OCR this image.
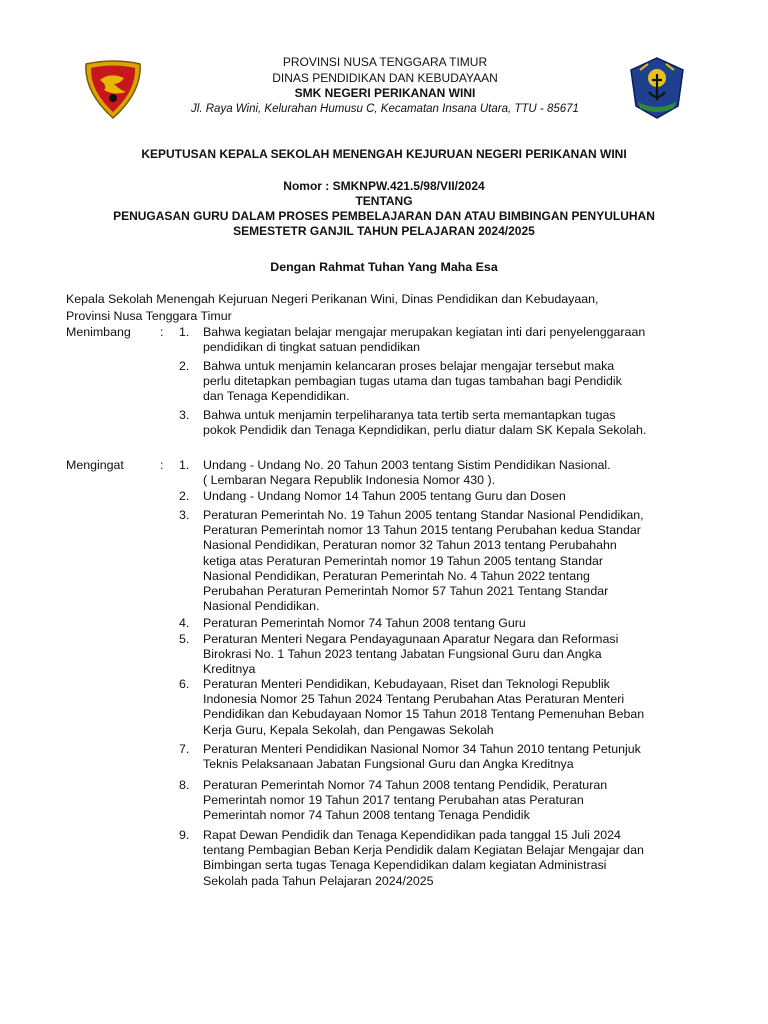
PROVINSI NUSA TENGGARA TIMUR
DINAS PENDIDIKAN DAN KEBUDAYAAN
SMK NEGERI PERIKANAN WINI
Jl. Raya Wini, Kelurahan Humusu C, Kecamatan Insana Utara, TTU - 85671
KEPUTUSAN KEPALA SEKOLAH MENENGAH KEJURUAN NEGERI PERIKANAN WINI
Nomor : SMKNPW.421.5/98/VII/2024
TENTANG
PENUGASAN GURU DALAM PROSES PEMBELAJARAN DAN ATAU BIMBINGAN PENYULUHAN
SEMESTETR GANJIL TAHUN PELAJARAN 2024/2025
Dengan Rahmat Tuhan Yang Maha Esa
Kepala Sekolah Menengah Kejuruan Negeri Perikanan Wini, Dinas Pendidikan dan Kebudayaan,
Provinsi Nusa Tenggara Timur
Menimbang : 1. Bahwa kegiatan belajar mengajar merupakan kegiatan inti dari penyelenggaraan
pendidikan di tingkat satuan pendidikan
2. Bahwa untuk menjamin kelancaran proses belajar mengajar tersebut maka
perlu ditetapkan pembagian tugas utama dan tugas tambahan bagi Pendidik
dan Tenaga Kependidikan.
3. Bahwa untuk menjamin terpeliharanya tata tertib serta memantapkan tugas
pokok Pendidik dan Tenaga Kepndidikan, perlu diatur dalam SK Kepala Sekolah.
Mengingat	: 1. Undang - Undang No. 20 Tahun 2003 tentang Sistim Pendidikan Nasional.
( Lembaran Negara Republik Indonesia Nomor 430 ).
2. Undang - Undang Nomor 14 Tahun 2005 tentang Guru dan Dosen
3. Peraturan Pemerintah No. 19 Tahun 2005 tentang Standar Nasional Pendidikan,
Peraturan Pemerintah nomor 13 Tahun 2015 tentang Perubahan kedua Standar
Nasional Pendidikan, Peraturan nomor 32 Tahun 2013 tentang Perubahahn
ketiga atas Peraturan Pemerintah nomor 19 Tahun 2005 tentang Standar
Nasional Pendidikan, Peraturan Pemerintah No. 4 Tahun 2022 tentang
Perubahan Peraturan Pemerintah Nomor 57 Tahun 2021 Tentang Standar
Nasional Pendidikan.
4. Peraturan Pemerintah Nomor 74 Tahun 2008 tentang Guru
5. Peraturan Menteri Negara Pendayagunaan Aparatur Negara dan Reformasi
Birokrasi No. 1 Tahun 2023 tentang Jabatan Fungsional Guru dan Angka
Kreditnya
6. Peraturan Menteri Pendidikan, Kebudayaan, Riset dan Teknologi Republik
Indonesia Nomor 25 Tahun 2024 Tentang Perubahan Atas Peraturan Menteri
Pendidikan dan Kebudayaan Nomor 15 Tahun 2018 Tentang Pemenuhan Beban
Kerja Guru, Kepala Sekolah, dan Pengawas Sekolah
7. Peraturan Menteri Pendidikan Nasional Nomor 34 Tahun 2010 tentang Petunjuk
Teknis Pelaksanaan Jabatan Fungsional Guru dan Angka Kreditnya
8. Peraturan Pemerintah Nomor 74 Tahun 2008 tentang Pendidik, Peraturan
Pemerintah nomor 19 Tahun 2017 tentang Perubahan atas Peraturan
Pemerintah nomor 74 Tahun 2008 tentang Tenaga Pendidik
9. Rapat Dewan Pendidik dan Tenaga Kependidikan pada tanggal 15 Juli 2024
tentang Pembagian Beban Kerja Pendidik dalam Kegiatan Belajar Mengajar dan
Bimbingan serta tugas Tenaga Kependidikan dalam kegiatan Administrasi
Sekolah pada Tahun Pelajaran 2024/2025
